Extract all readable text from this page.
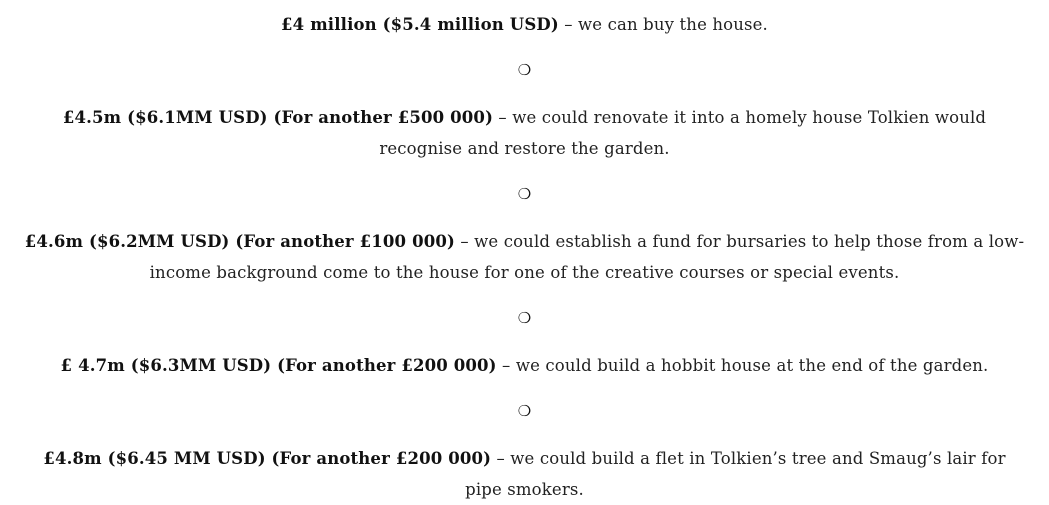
£4 million ($5.4 million USD) – we can buy the house.

❍

£4.5m ($6.1MM USD) (For another £500 000) – we could renovate it into a homely house Tolkien would recognise and restore the garden.

❍

£4.6m ($6.2MM USD) (For another £100 000) – we could establish a fund for bursaries to help those from a low-income background come to the house for one of the creative courses or special events.

❍

£ 4.7m ($6.3MM USD) (For another £200 000) – we could build a hobbit house at the end of the garden.

❍

£4.8m ($6.45 MM USD) (For another £200 000) – we could build a flet in Tolkien’s tree and Smaug’s lair for pipe smokers.
